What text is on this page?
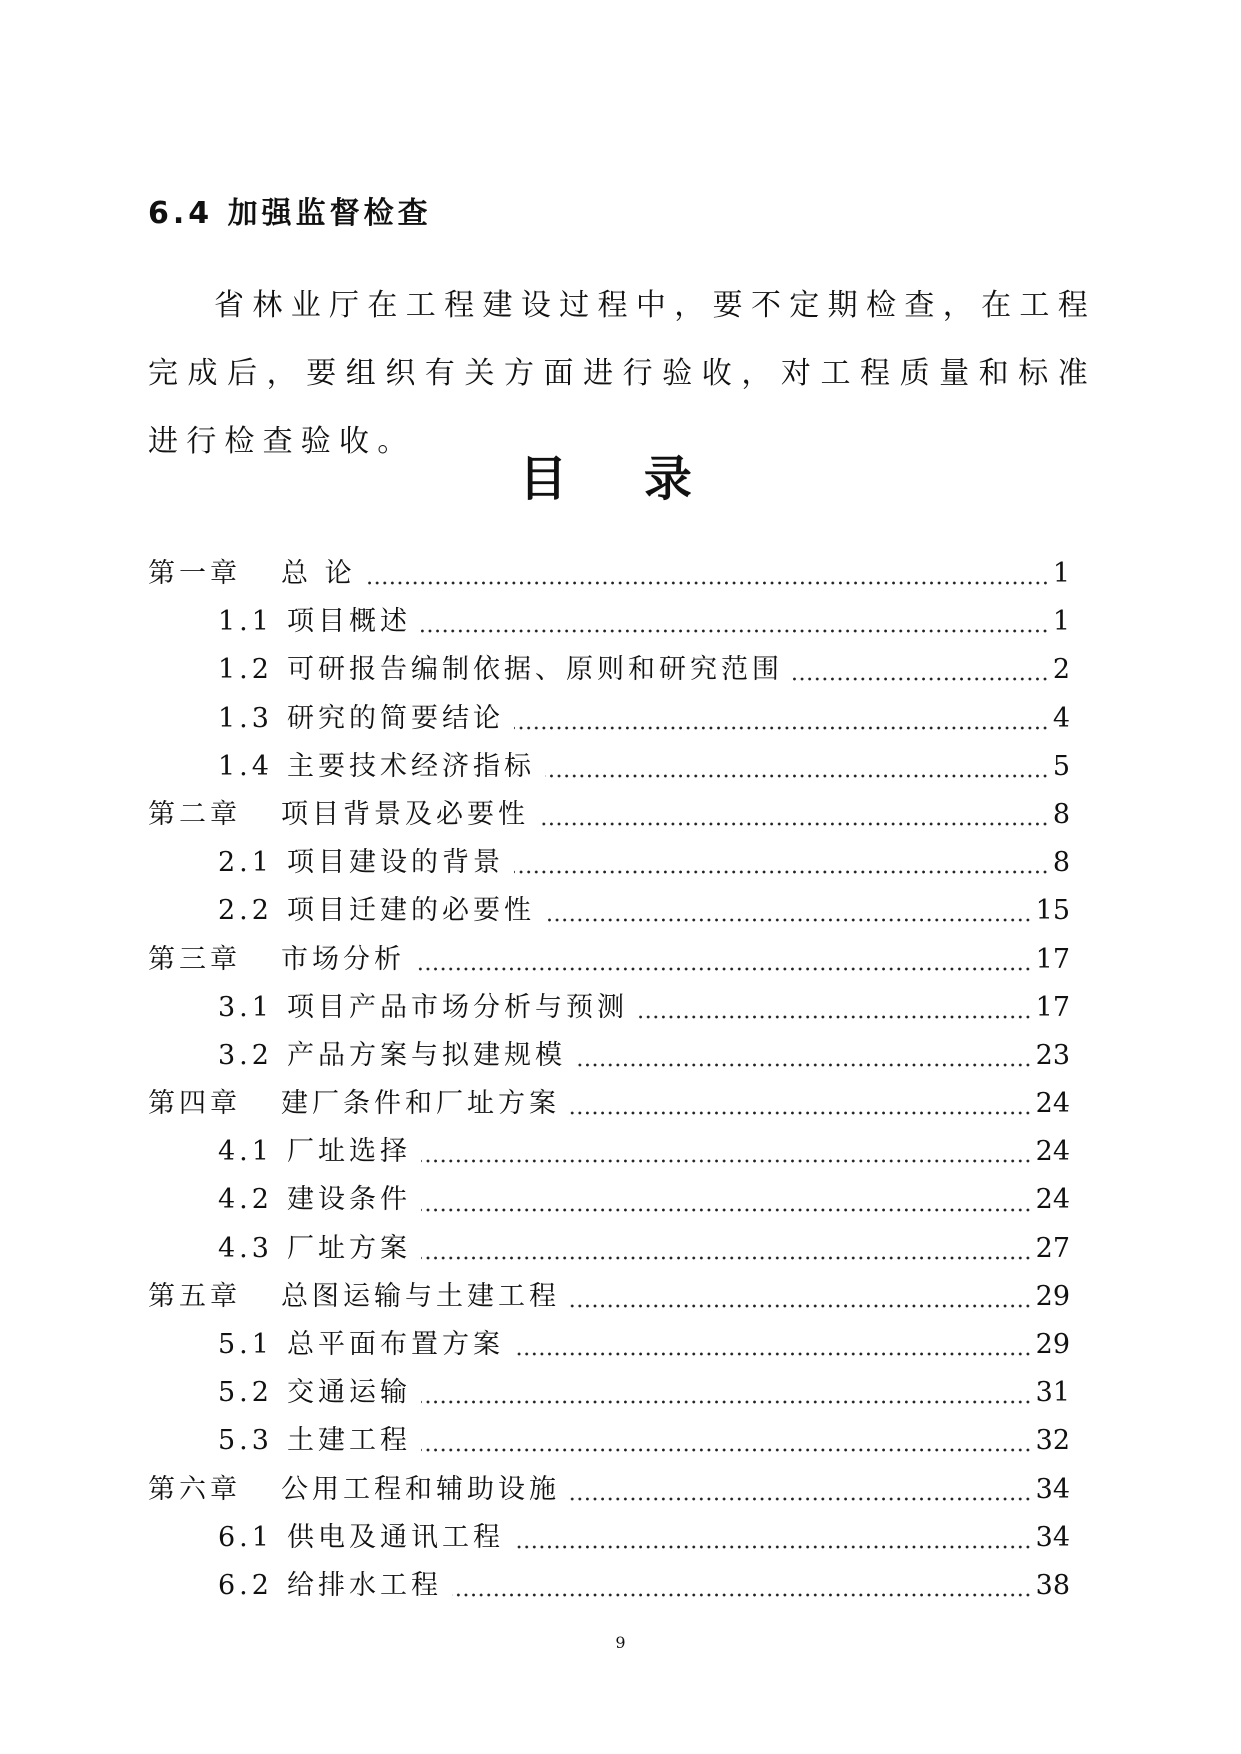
6.4 加强监督检查

省林业厅在工程建设过程中，要不定期检查，在工程完成后，要组织有关方面进行验收，对工程质量和标准进行检查验收。

目 录
第一章 总 论	1
1.1 项目概述	1
1.2 可研报告编制依据、原则和研究范围	2
1.3 研究的简要结论	4
1.4 主要技术经济指标	5
第二章 项目背景及必要性	8
2.1 项目建设的背景	8
2.2 项目迁建的必要性	15
第三章 市场分析	17
3.1 项目产品市场分析与预测	17
3.2 产品方案与拟建规模	23
第四章 建厂条件和厂址方案	24
4.1 厂址选择	24
4.2 建设条件	24
4.3 厂址方案	27
第五章 总图运输与土建工程	29
5.1 总平面布置方案	29
5.2 交通运输	31
5.3 土建工程	32
第六章 公用工程和辅助设施	34
6.1 供电及通讯工程	34
6.2 给排水工程	38
9
